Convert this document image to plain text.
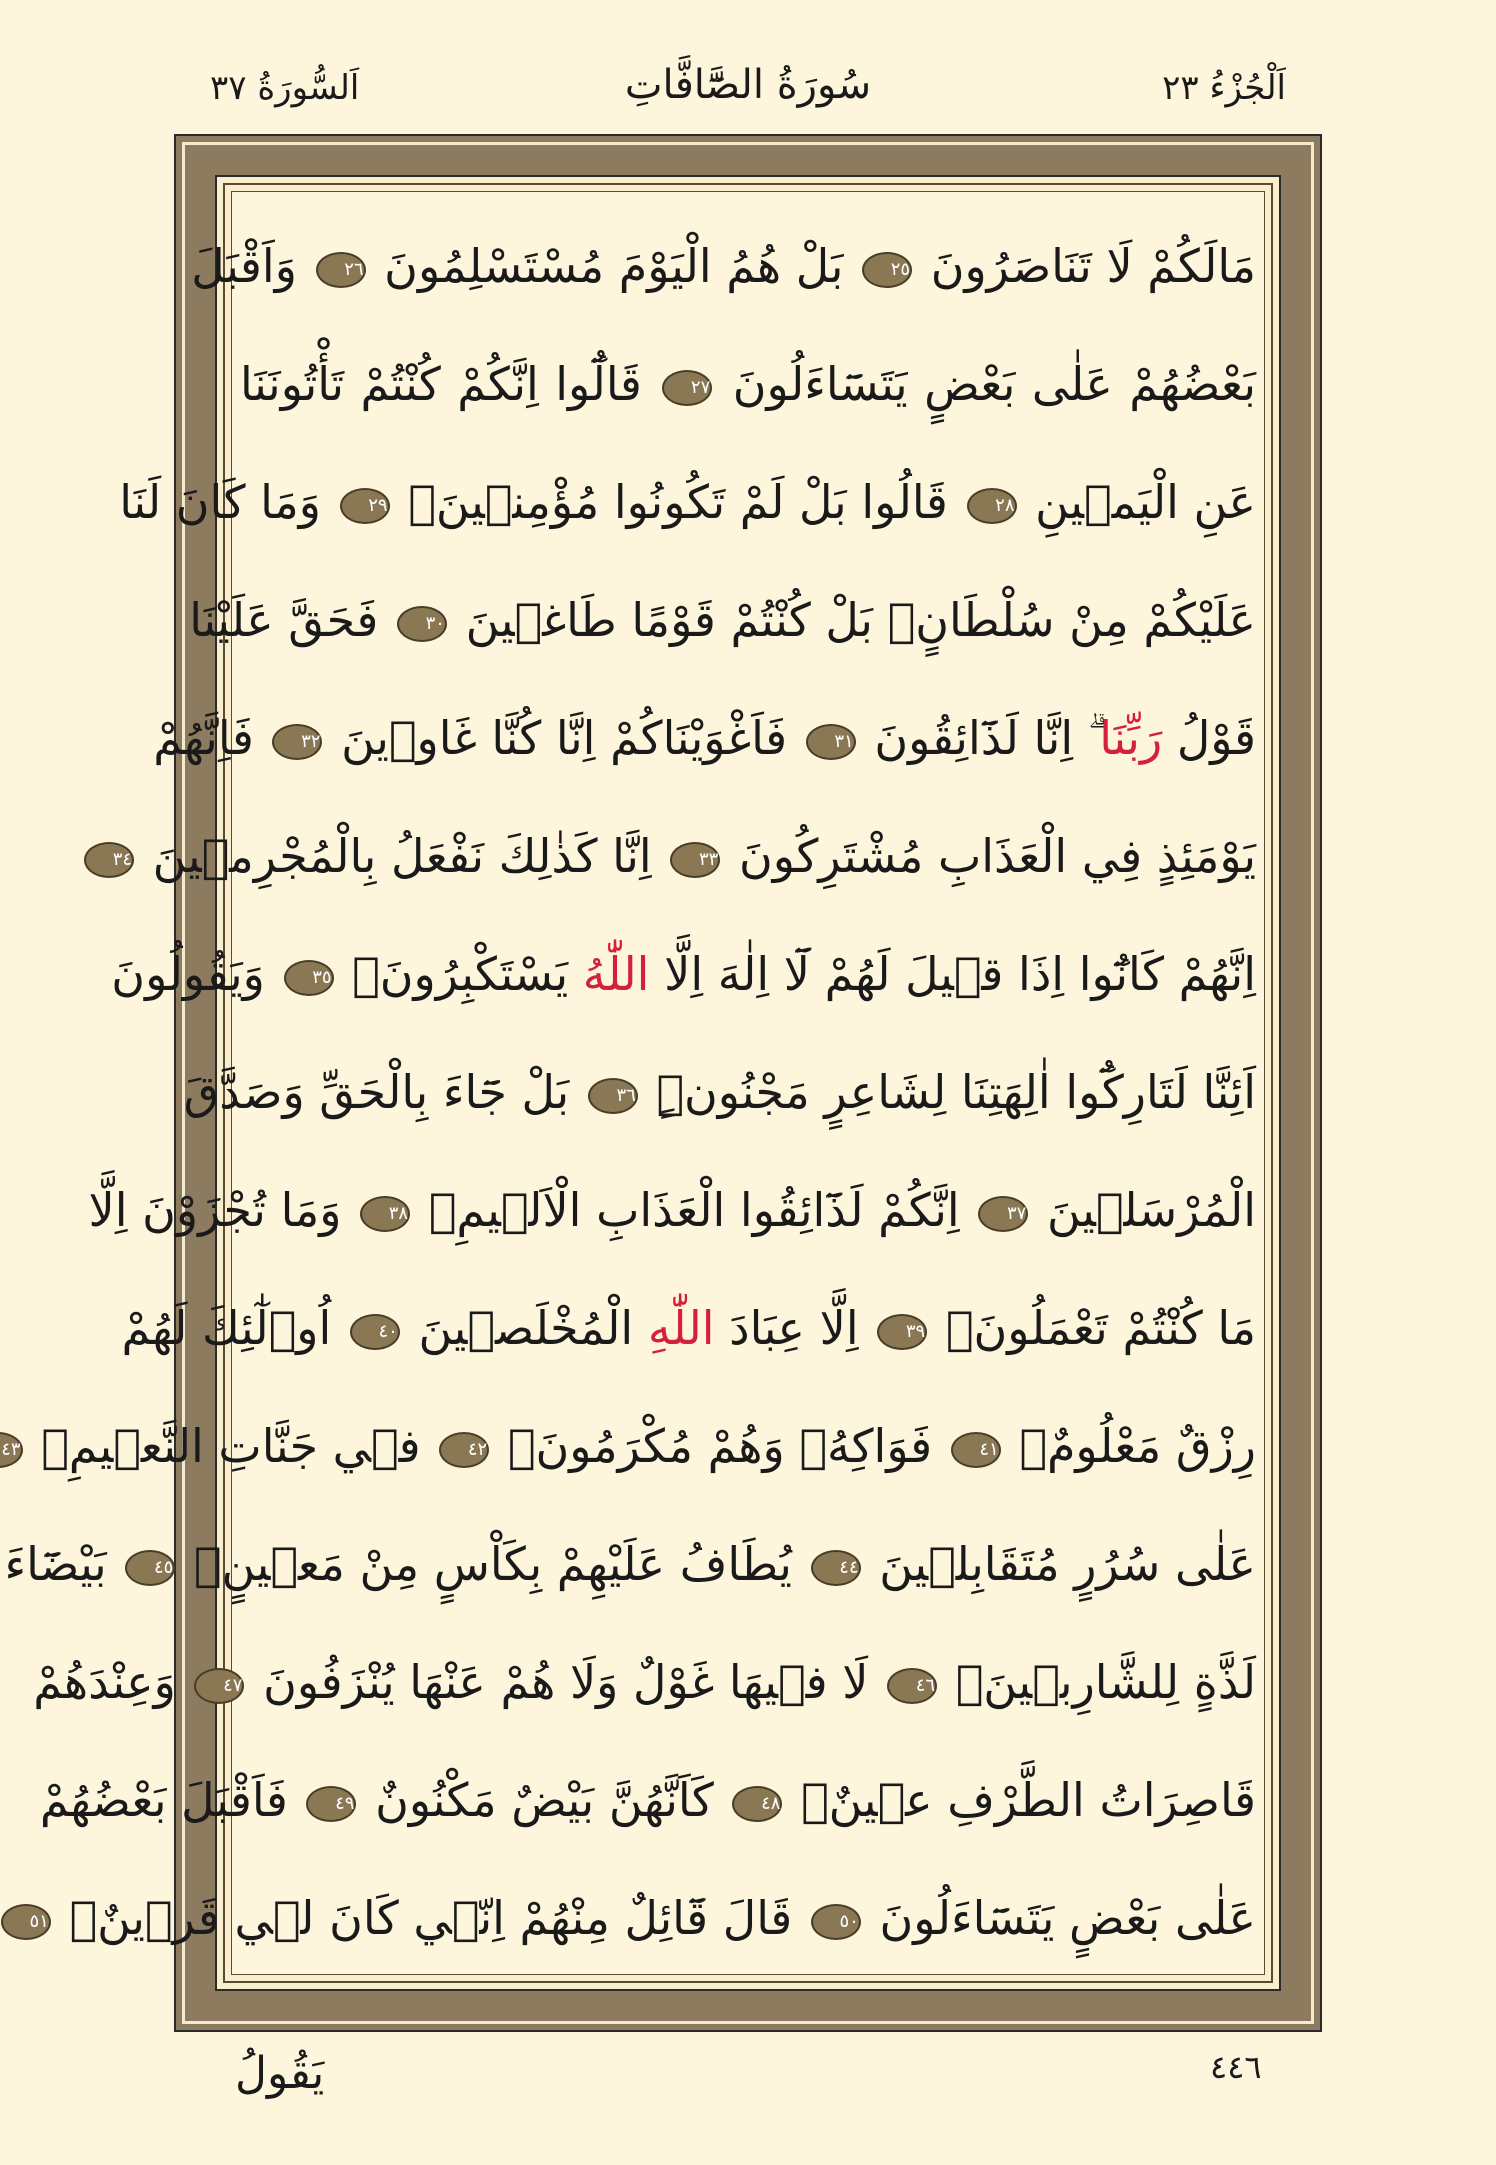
اَلْجُزْءُ ٢٣
سُورَةُ الصَّٓافَّاتِ
اَلسُّورَةُ ٣٧
مَالَكُمْ لَا تَنَاصَرُونَ ٢٥ بَلْ هُمُ الْيَوْمَ مُسْتَسْلِمُونَ ٢٦ وَاَقْبَلَ
بَعْضُهُمْ عَلٰى بَعْضٍ يَتَسَٓاءَلُونَ ٢٧ قَالُٓوا اِنَّكُمْ كُنْتُمْ تَأْتُونَنَا
عَنِ الْيَمٖينِ ٢٨ قَالُوا بَلْ لَمْ تَكُونُوا مُؤْمِنٖينَۚ ٢٩ وَمَا كَانَ لَنَا
عَلَيْكُمْ مِنْ سُلْطَانٍۚ بَلْ كُنْتُمْ قَوْمًا طَاغٖينَ ٣٠ فَحَقَّ عَلَيْنَا
قَوْلُ رَبِّنَا ۗ اِنَّا لَذَٓائِقُونَ ٣١ فَاَغْوَيْنَاكُمْ اِنَّا كُنَّا غَاوٖينَ ٣٢ فَاِنَّهُمْ
يَوْمَئِذٍ فِي الْعَذَابِ مُشْتَرِكُونَ ٣٣ اِنَّا كَذٰلِكَ نَفْعَلُ بِالْمُجْرِمٖينَ ٣٤
اِنَّهُمْ كَانُٓوا اِذَا قٖيلَ لَهُمْ لَٓا اِلٰهَ اِلَّا اللّٰهُ يَسْتَكْبِرُونَۙ ٣٥ وَيَقُولُونَ
اَئِنَّا لَتَارِكُٓوا اٰلِهَتِنَا لِشَاعِرٍ مَجْنُونٍۜ ٣٦ بَلْ جَٓاءَ بِالْحَقِّ وَصَدَّقَ
الْمُرْسَلٖينَ ٣٧ اِنَّكُمْ لَذَٓائِقُوا الْعَذَابِ الْاَلٖيمِۚ ٣٨ وَمَا تُجْزَوْنَ اِلَّا
مَا كُنْتُمْ تَعْمَلُونَۙ ٣٩ اِلَّا عِبَادَ اللّٰهِ الْمُخْلَصٖينَ ٤٠ اُو۬لٰٓئِكَ لَهُمْ
رِزْقٌ مَعْلُومٌۙ ٤١ فَوَاكِهُۚ وَهُمْ مُكْرَمُونَۙ ٤٢ فٖي جَنَّاتِ النَّعٖيمِۙ ٤٣
عَلٰى سُرُرٍ مُتَقَابِلٖينَ ٤٤ يُطَافُ عَلَيْهِمْ بِكَاْسٍ مِنْ مَعٖينٍۙ ٤٥ بَيْضَٓاءَ
لَذَّةٍ لِلشَّارِبٖينَۚ ٤٦ لَا فٖيهَا غَوْلٌ وَلَا هُمْ عَنْهَا يُنْزَفُونَ ٤٧ وَعِنْدَهُمْ
قَاصِرَاتُ الطَّرْفِ عٖينٌۙ ٤٨ كَاَنَّهُنَّ بَيْضٌ مَكْنُونٌ ٤٩ فَاَقْبَلَ بَعْضُهُمْ
عَلٰى بَعْضٍ يَتَسَٓاءَلُونَ ٥٠ قَالَ قَٓائِلٌ مِنْهُمْ اِنّٖي كَانَ لٖي قَرٖينٌۙ ٥١
يَقُولُ	٤٤٦
